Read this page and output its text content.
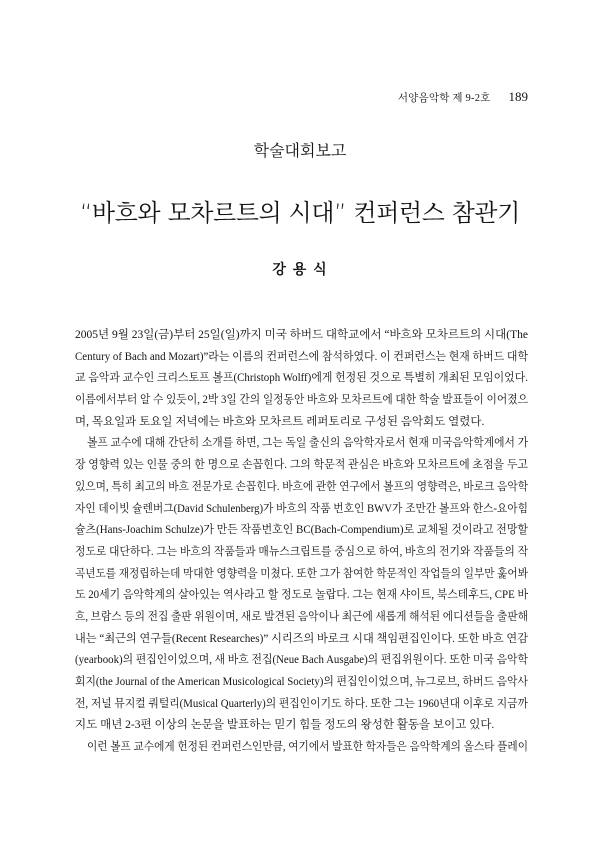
서양음악학 제 9-2호 189
학술대회보고
“바흐와 모차르트의 시대” 컨퍼런스 참관기
강 용 식
2005년 9월 23일(금)부터 25일(일)까지 미국 하버드 대학교에서 “바흐와 모차르트의 시대(The
Century of Bach and Mozart)”라는 이름의 컨퍼런스에 참석하였다. 이 컨퍼런스는 현재 하버드 대학
교 음악과 교수인 크리스토프 볼프(Christoph Wolff)에게 헌정된 것으로 특별히 개최된 모임이었다.
이름에서부터 알 수 있듯이, 2박 3일 간의 일정동안 바흐와 모차르트에 대한 학술 발표들이 이어졌으
며, 목요일과 토요일 저녁에는 바흐와 모차르트 레퍼토리로 구성된 음악회도 열렸다.
볼프 교수에 대해 간단히 소개를 하면, 그는 독일 출신의 음악학자로서 현재 미국음악학계에서 가
장 영향력 있는 인물 중의 한 명으로 손꼽힌다. 그의 학문적 관심은 바흐와 모차르트에 초점을 두고
있으며, 특히 최고의 바흐 전문가로 손꼽힌다. 바흐에 관한 연구에서 볼프의 영향력은, 바로크 음악학
자인 데이빗 슐렌버그(David Schulenberg)가 바흐의 작품 번호인 BWV가 조만간 볼프와 한스-요아힘
슐츠(Hans-Joachim Schulze)가 만든 작품번호인 BC(Bach-Compendium)로 교체될 것이라고 전망할
정도로 대단하다. 그는 바흐의 작품들과 매뉴스크립트를 중심으로 하여, 바흐의 전기와 작품들의 작
곡년도를 재정립하는데 막대한 영향력을 미쳤다. 또한 그가 참여한 학문적인 작업들의 일부만 훑어봐
도 20세기 음악학계의 살아있는 역사라고 할 정도로 놀랍다. 그는 현재 샤이트, 북스테후드, CPE 바
흐, 브람스 등의 전집 출판 위원이며, 새로 발견된 음악이나 최근에 새롭게 해석된 에디션들을 출판해
내는 “최근의 연구들(Recent Researches)” 시리즈의 바로크 시대 책임편집인이다. 또한 바흐 연감
(yearbook)의 편집인이었으며, 새 바흐 전집(Neue Bach Ausgabe)의 편집위원이다. 또한 미국 음악학
회지(the Journal of the American Musicological Society)의 편집인이었으며, 뉴그로브, 하버드 음악사
전, 저널 뮤지컬 쿼털리(Musical Quarterly)의 편집인이기도 하다. 또한 그는 1960년대 이후로 지금까
지도 매년 2-3편 이상의 논문을 발표하는 믿기 힘들 정도의 왕성한 활동을 보이고 있다.
이런 볼프 교수에게 헌정된 컨퍼런스인만큼, 여기에서 발표한 학자들은 음악학계의 올스타 플레이
